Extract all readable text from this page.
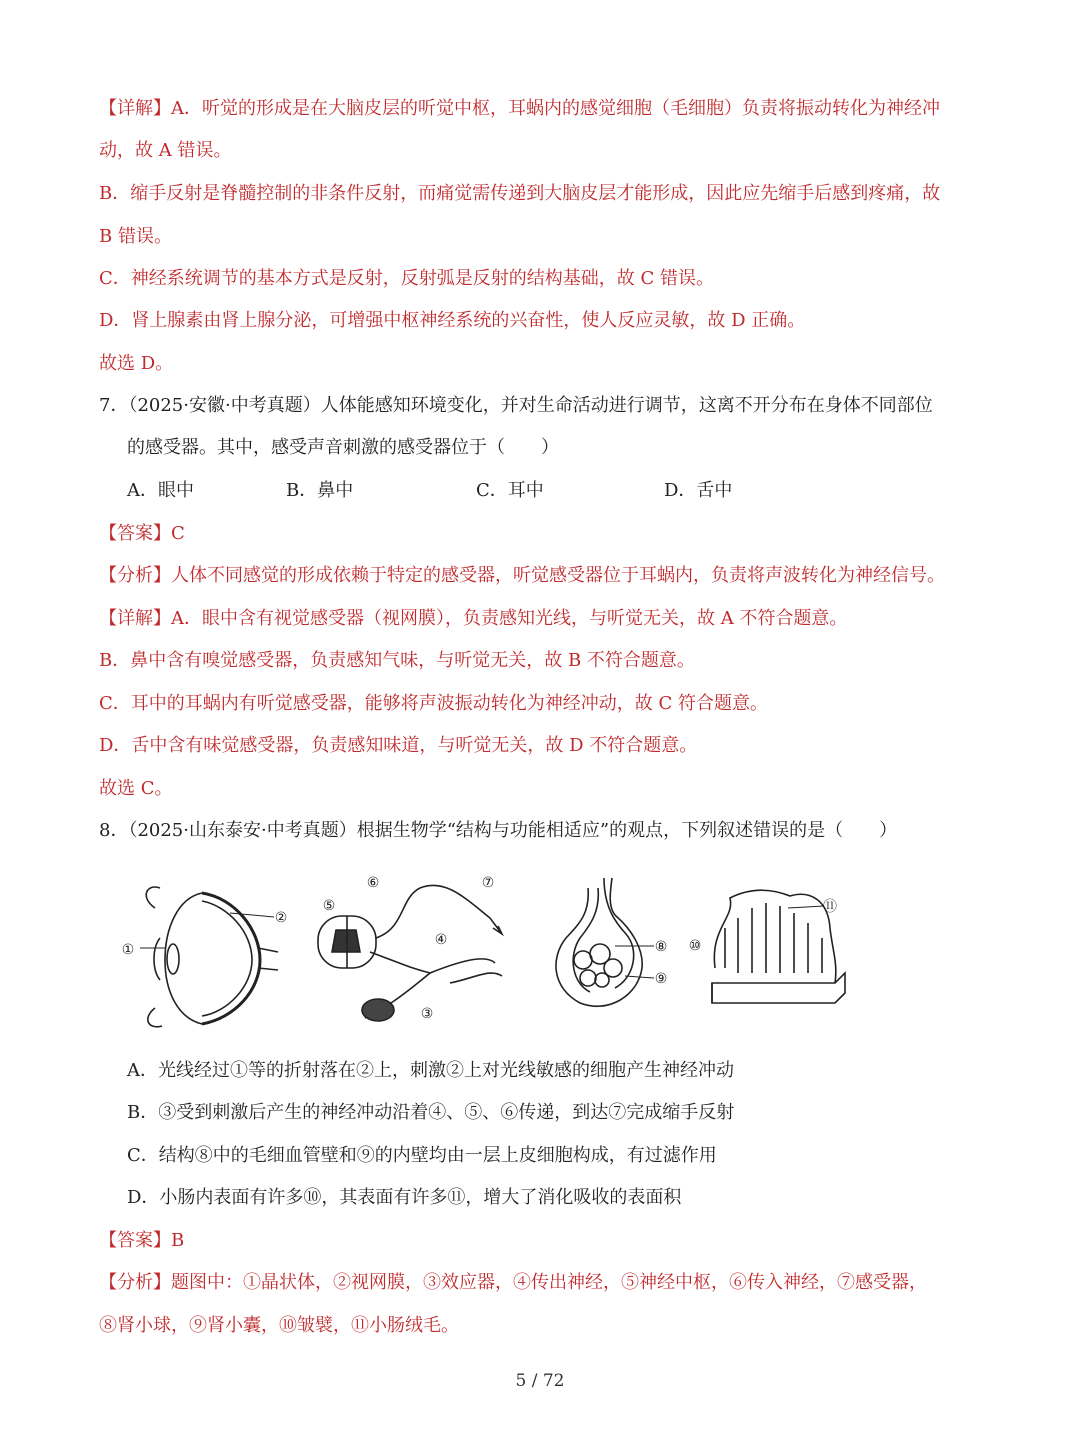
【详解】A．听觉的形成是在大脑皮层的听觉中枢，耳蜗内的感觉细胞（毛细胞）负责将振动转化为神经冲
动，故 A 错误。
B．缩手反射是脊髓控制的非条件反射，而痛觉需传递到大脑皮层才能形成，因此应先缩手后感到疼痛，故
B 错误。
C．神经系统调节的基本方式是反射，反射弧是反射的结构基础，故 C 错误。
D．肾上腺素由肾上腺分泌，可增强中枢神经系统的兴奋性，使人反应灵敏，故 D 正确。
故选 D。
7．（2025·安徽·中考真题）人体能感知环境变化，并对生命活动进行调节，这离不开分布在身体不同部位
的感受器。其中，感受声音刺激的感受器位于（　　）
A．眼中	B．鼻中	C．耳中	D．舌中
【答案】C
【分析】人体不同感觉的形成依赖于特定的感受器，听觉感受器位于耳蜗内，负责将声波转化为神经信号。
【详解】A．眼中含有视觉感受器（视网膜），负责感知光线，与听觉无关，故 A 不符合题意。
B．鼻中含有嗅觉感受器，负责感知气味，与听觉无关，故 B 不符合题意。
C．耳中的耳蜗内有听觉感受器，能够将声波振动转化为神经冲动，故 C 符合题意。
D．舌中含有味觉感受器，负责感知味道，与听觉无关，故 D 不符合题意。
故选 C。
8．（2025·山东泰安·中考真题）根据生物学“结构与功能相适应”的观点，下列叙述错误的是（　　）
①
②
③
④
⑤
⑥	⑦
⑧
⑨
⑩
⑪
A．光线经过①等的折射落在②上，刺激②上对光线敏感的细胞产生神经冲动
B．③受到刺激后产生的神经冲动沿着④、⑤、⑥传递，到达⑦完成缩手反射
C．结构⑧中的毛细血管壁和⑨的内壁均由一层上皮细胞构成，有过滤作用
D．小肠内表面有许多⑩，其表面有许多⑪，增大了消化吸收的表面积
【答案】B
【分析】题图中：①晶状体，②视网膜，③效应器，④传出神经，⑤神经中枢，⑥传入神经，⑦感受器，
⑧肾小球，⑨肾小囊，⑩皱襞，⑪小肠绒毛。
5 / 72
